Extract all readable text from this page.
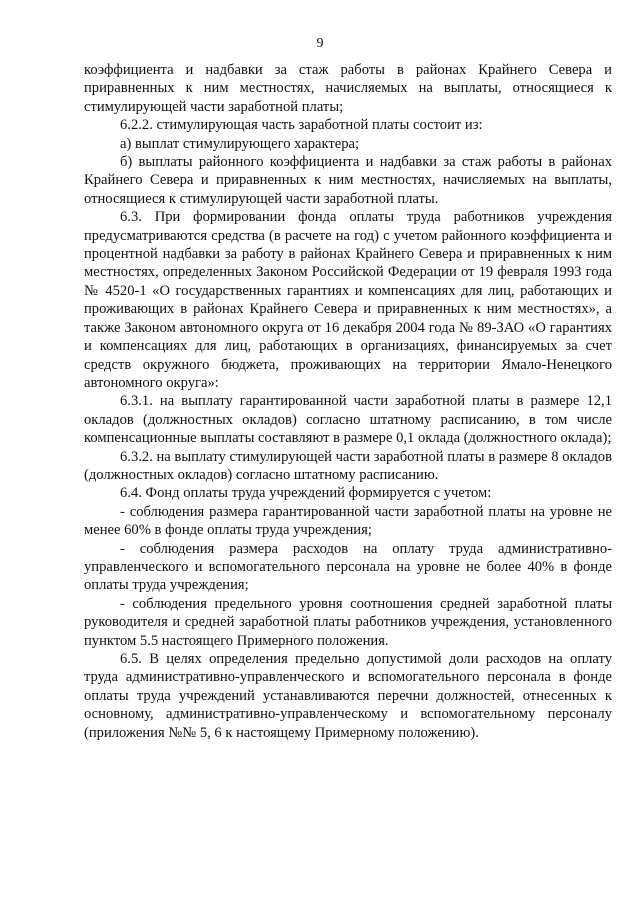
9

коэффициента и надбавки за стаж работы в районах Крайнего Севера и приравненных к ним местностях, начисляемых на выплаты, относящиеся к стимулирующей части заработной платы;

6.2.2. стимулирующая часть заработной платы состоит из:

а) выплат стимулирующего характера;

б) выплаты районного коэффициента и надбавки за стаж работы в районах Крайнего Севера и приравненных к ним местностях, начисляемых на выплаты, относящиеся к стимулирующей части заработной платы.

6.3. При формировании фонда оплаты труда работников учреждения предусматриваются средства (в расчете на год) с учетом районного коэффициента и процентной надбавки за работу в районах Крайнего Севера и приравненных к ним местностях, определенных Законом Российской Федерации от 19 февраля 1993 года № 4520-1 «О государственных гарантиях и компенсациях для лиц, работающих и проживающих в районах Крайнего Севера и приравненных к ним местностях», а также Законом автономного округа от 16 декабря 2004 года № 89-ЗАО «О гарантиях и компенсациях для лиц, работающих в организациях, финансируемых за счет средств окружного бюджета, проживающих на территории Ямало-Ненецкого автономного округа»:

6.3.1. на выплату гарантированной части заработной платы в размере 12,1 окладов (должностных окладов) согласно штатному расписанию, в том числе компенсационные выплаты составляют в размере 0,1 оклада (должностного оклада);

6.3.2. на выплату стимулирующей части заработной платы в размере 8 окладов (должностных окладов) согласно штатному расписанию.

6.4. Фонд оплаты труда учреждений формируется с учетом:

- соблюдения размера гарантированной части заработной платы на уровне не менее 60% в фонде оплаты труда учреждения;

- соблюдения размера расходов на оплату труда административно-управленческого и вспомогательного персонала на уровне не более 40% в фонде оплаты труда учреждения;

- соблюдения предельного уровня соотношения средней заработной платы руководителя и средней заработной платы работников учреждения, установленного пунктом 5.5 настоящего Примерного положения.

6.5. В целях определения предельно допустимой доли расходов на оплату труда административно-управленческого и вспомогательного персонала в фонде оплаты труда учреждений устанавливаются перечни должностей, отнесенных к основному, административно-управленческому и вспомогательному персоналу (приложения №№ 5, 6 к настоящему Примерному положению).
